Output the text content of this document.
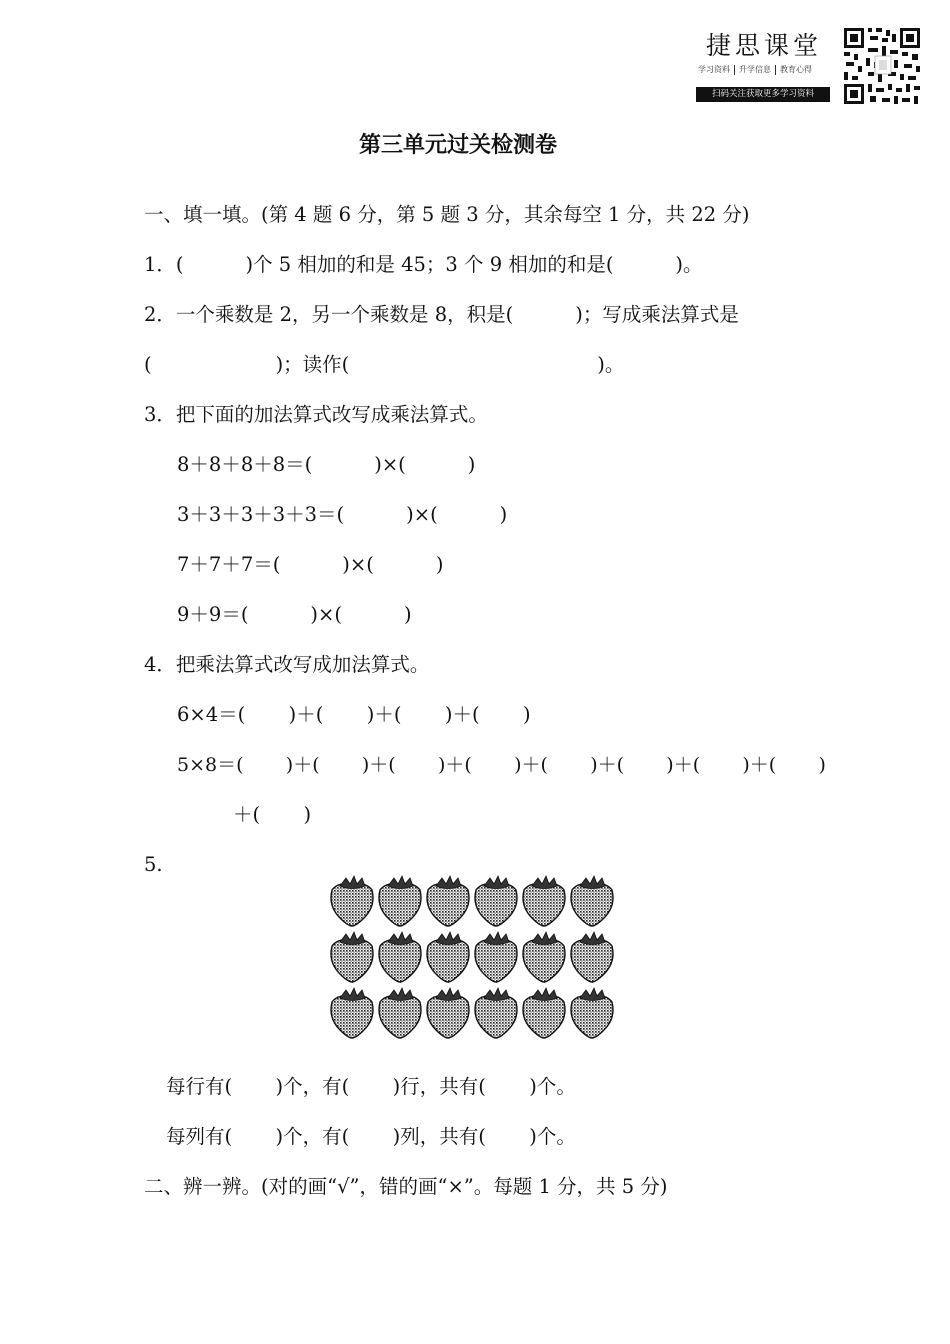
捷思课堂
学习资料 升学信息 教育心得
扫码关注获取更多学习资料
第三单元过关检测卷
一、填一填。(第 4 题 6 分，第 5 题 3 分，其余每空 1 分，共 22 分)
1．(          )个 5 相加的和是 45；3 个 9 相加的和是(          )。
2．一个乘数是 2，另一个乘数是 8，积是(          )；写成乘法算式是
(                    )；读作(                                        )。
3．把下面的加法算式改写成乘法算式。
8＋8＋8＋8＝(          )×(          )
3＋3＋3＋3＋3＝(          )×(          )
7＋7＋7＝(          )×(          )
9＋9＝(          )×(          )
4．把乘法算式改写成加法算式。
6×4＝(       )＋(       )＋(       )＋(       )
5×8＝(       )＋(       )＋(       )＋(       )＋(       )＋(       )＋(       )＋(       )
＋(       )
5.
每行有(       )个，有(       )行，共有(       )个。
每列有(       )个，有(       )列，共有(       )个。
二、辨一辨。(对的画“√”，错的画“×”。每题 1 分，共 5 分)
